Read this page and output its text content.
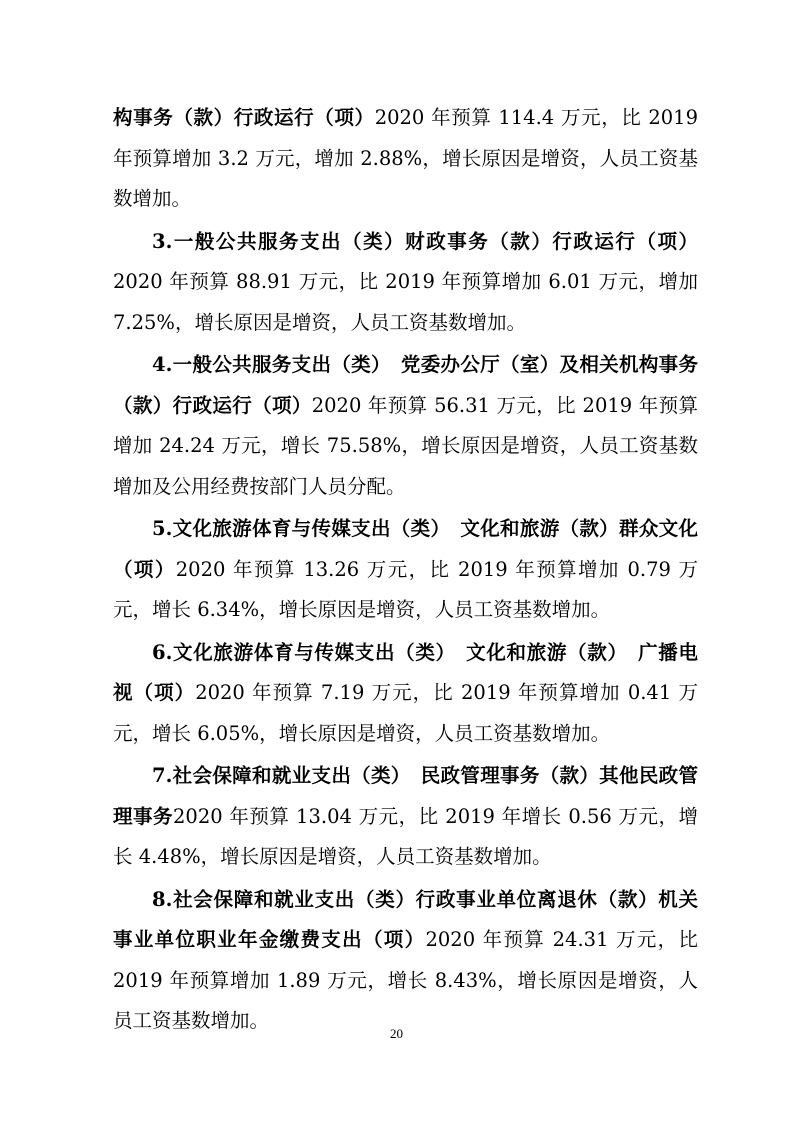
构事务（款）行政运行（项）2020 年预算 114.4 万元，比 2019 年预算增加 3.2 万元，增加 2.88%，增长原因是增资，人员工资基数增加。

3.一般公共服务支出（类）财政事务（款）行政运行（项）2020 年预算 88.91 万元，比 2019 年预算增加 6.01 万元，增加 7.25%，增长原因是增资，人员工资基数增加。

4.一般公共服务支出（类）　党委办公厅（室）及相关机构事务（款）行政运行（项）2020 年预算 56.31 万元，比 2019 年预算增加 24.24 万元，增长 75.58%，增长原因是增资，人员工资基数增加及公用经费按部门人员分配。

5.文化旅游体育与传媒支出（类）　文化和旅游（款）群众文化（项）2020 年预算 13.26 万元，比 2019 年预算增加 0.79 万元，增长 6.34%，增长原因是增资，人员工资基数增加。

6.文化旅游体育与传媒支出（类）　文化和旅游（款）　广播电视（项）2020 年预算 7.19 万元，比 2019 年预算增加 0.41 万元，增长 6.05%，增长原因是增资，人员工资基数增加。

7.社会保障和就业支出（类）　民政管理事务（款）其他民政管理事务2020 年预算 13.04 万元，比 2019 年增长 0.56 万元，增长 4.48%，增长原因是增资，人员工资基数增加。

8.社会保障和就业支出（类）行政事业单位离退休（款）机关事业单位职业年金缴费支出（项）2020 年预算 24.31 万元，比 2019 年预算增加 1.89 万元，增长 8.43%，增长原因是增资，人员工资基数增加。

20
